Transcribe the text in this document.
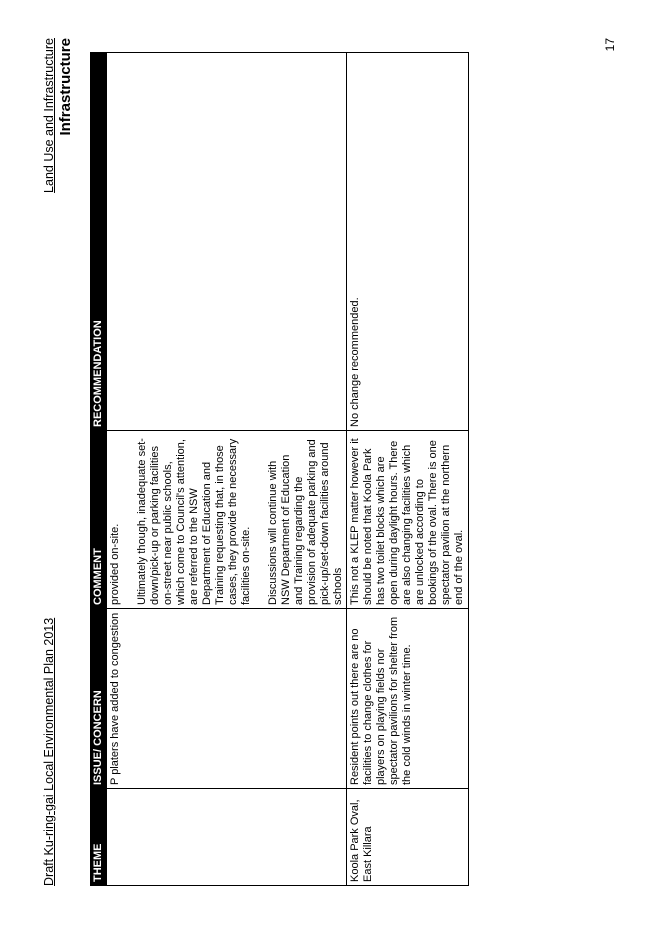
Draft Ku-ring-gai Local Environmental Plan 2013
Land Use and Infrastructure Infrastructure
THEME	ISSUE/ CONCERN	COMMENT	RECOMMENDATION
	P platers have added to congestion	provided on-site. Ultimately though, inadequate set-down/pick-up or parking facilities on-street near public schools, which come to Council's attention, are referred to the NSW Department of Education and Training requesting that, in those cases, they provide the necessary facilities on-site. Discussions will continue with NSW Department of Education and Training regarding the provision of adequate parking and pick-up/set-down facilities around schools	

Koola Park Oval, East Killara	Resident points out there are no facilities to change clothes for players on playing fields nor spectator pavilions for shelter from the cold winds in winter time.	This not a KLEP matter however it should be noted that Koola Park has two toilet blocks which are open during daylight hours. There are also changing facilities which are unlocked according to bookings of the oval. There is one spectator pavilion at the northern end of the oval.	No change recommended.
17
